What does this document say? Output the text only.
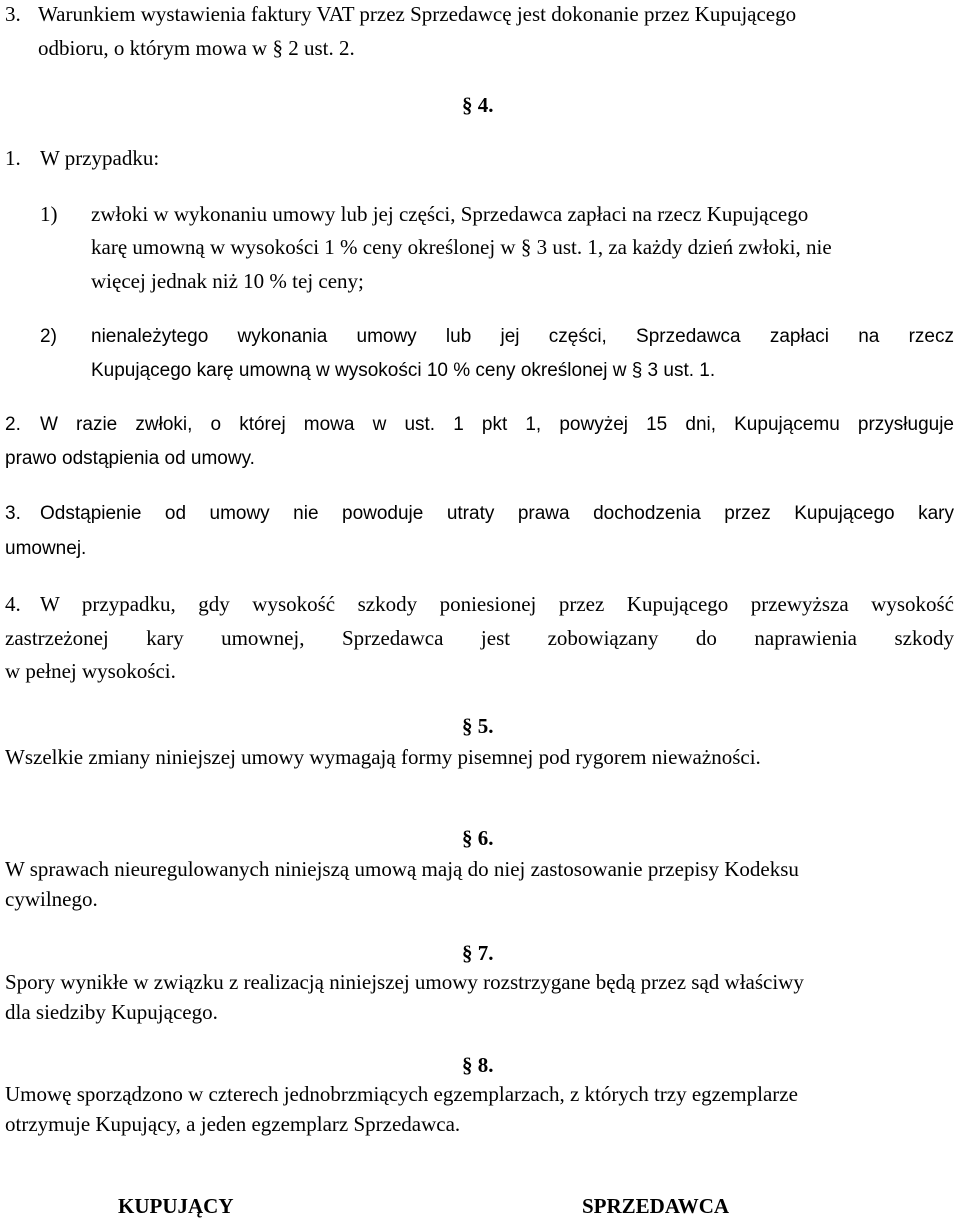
3. Warunkiem wystawienia faktury VAT przez Sprzedawcę jest dokonanie przez Kupującego
odbioru, o którym mowa w § 2 ust. 2.
§ 4.
1. W przypadku:
1) zwłoki w wykonaniu umowy lub jej części, Sprzedawca zapłaci na rzecz Kupującego
karę umowną w wysokości 1 % ceny określonej w § 3 ust. 1, za każdy dzień zwłoki, nie
więcej jednak niż 10 % tej ceny;
2) nienależytego wykonania umowy lub jej części, Sprzedawca zapłaci na rzecz
Kupującego karę umowną w wysokości 10 % ceny określonej w § 3 ust. 1.
2. W razie zwłoki, o której mowa w ust. 1 pkt 1, powyżej 15 dni, Kupującemu przysługuje
prawo odstąpienia od umowy.
3. Odstąpienie od umowy nie powoduje utraty prawa dochodzenia przez Kupującego kary
umownej.
4. W przypadku, gdy wysokość szkody poniesionej przez Kupującego przewyższa wysokość
zastrzeżonej kary umownej, Sprzedawca jest zobowiązany do naprawienia szkody
w pełnej wysokości.
§ 5.
Wszelkie zmiany niniejszej umowy wymagają formy pisemnej pod rygorem nieważności.
§ 6.
W sprawach nieuregulowanych niniejszą umową mają do niej zastosowanie przepisy Kodeksu
cywilnego.
§ 7.
Spory wynikłe w związku z realizacją niniejszej umowy rozstrzygane będą przez sąd właściwy
dla siedziby Kupującego.
§ 8.
Umowę sporządzono w czterech jednobrzmiących egzemplarzach, z których trzy egzemplarze
otrzymuje Kupujący, a jeden egzemplarz Sprzedawca.
KUPUJĄCY	SPRZEDAWCA
